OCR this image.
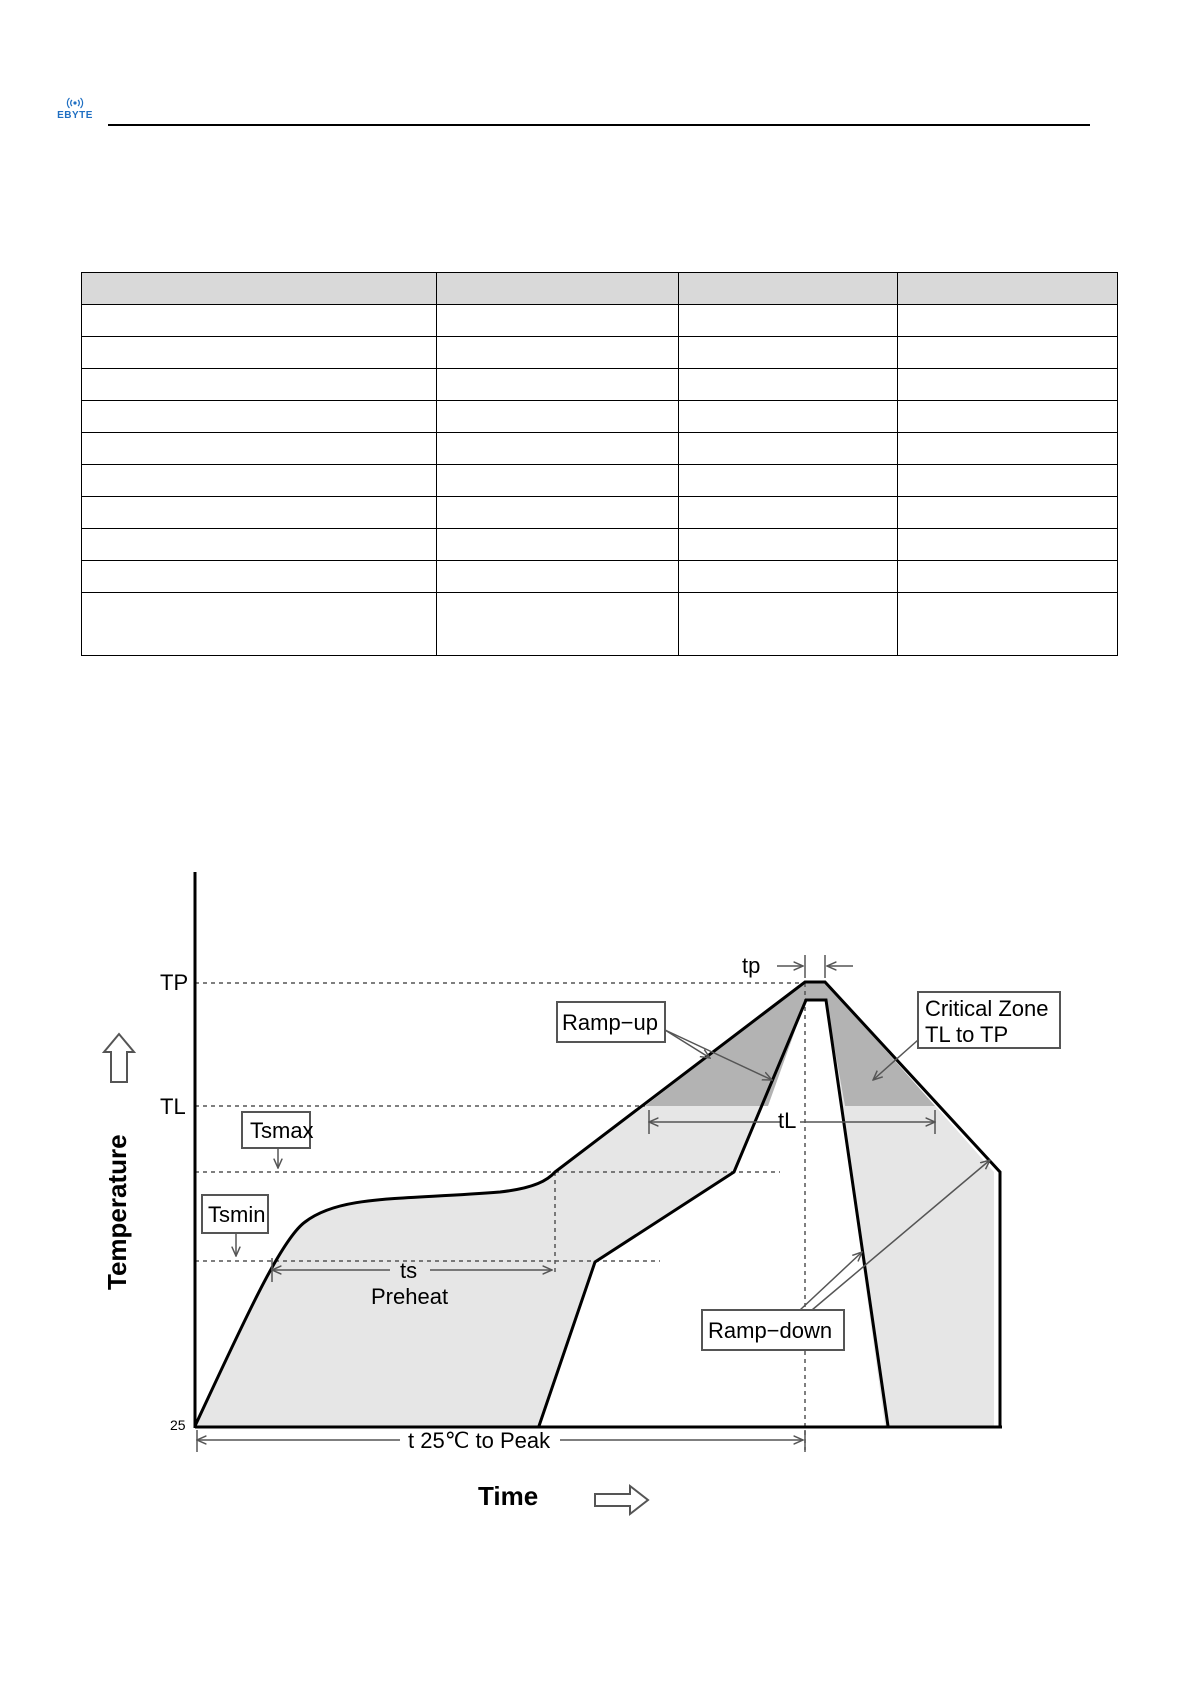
EBYTE

TP
TL
25
Temperature
Time
tp
Ramp−up
Critical Zone
TL to TP
tL
Tsmax
Tsmin
ts
Preheat
Ramp−down
t 25℃ to Peak
